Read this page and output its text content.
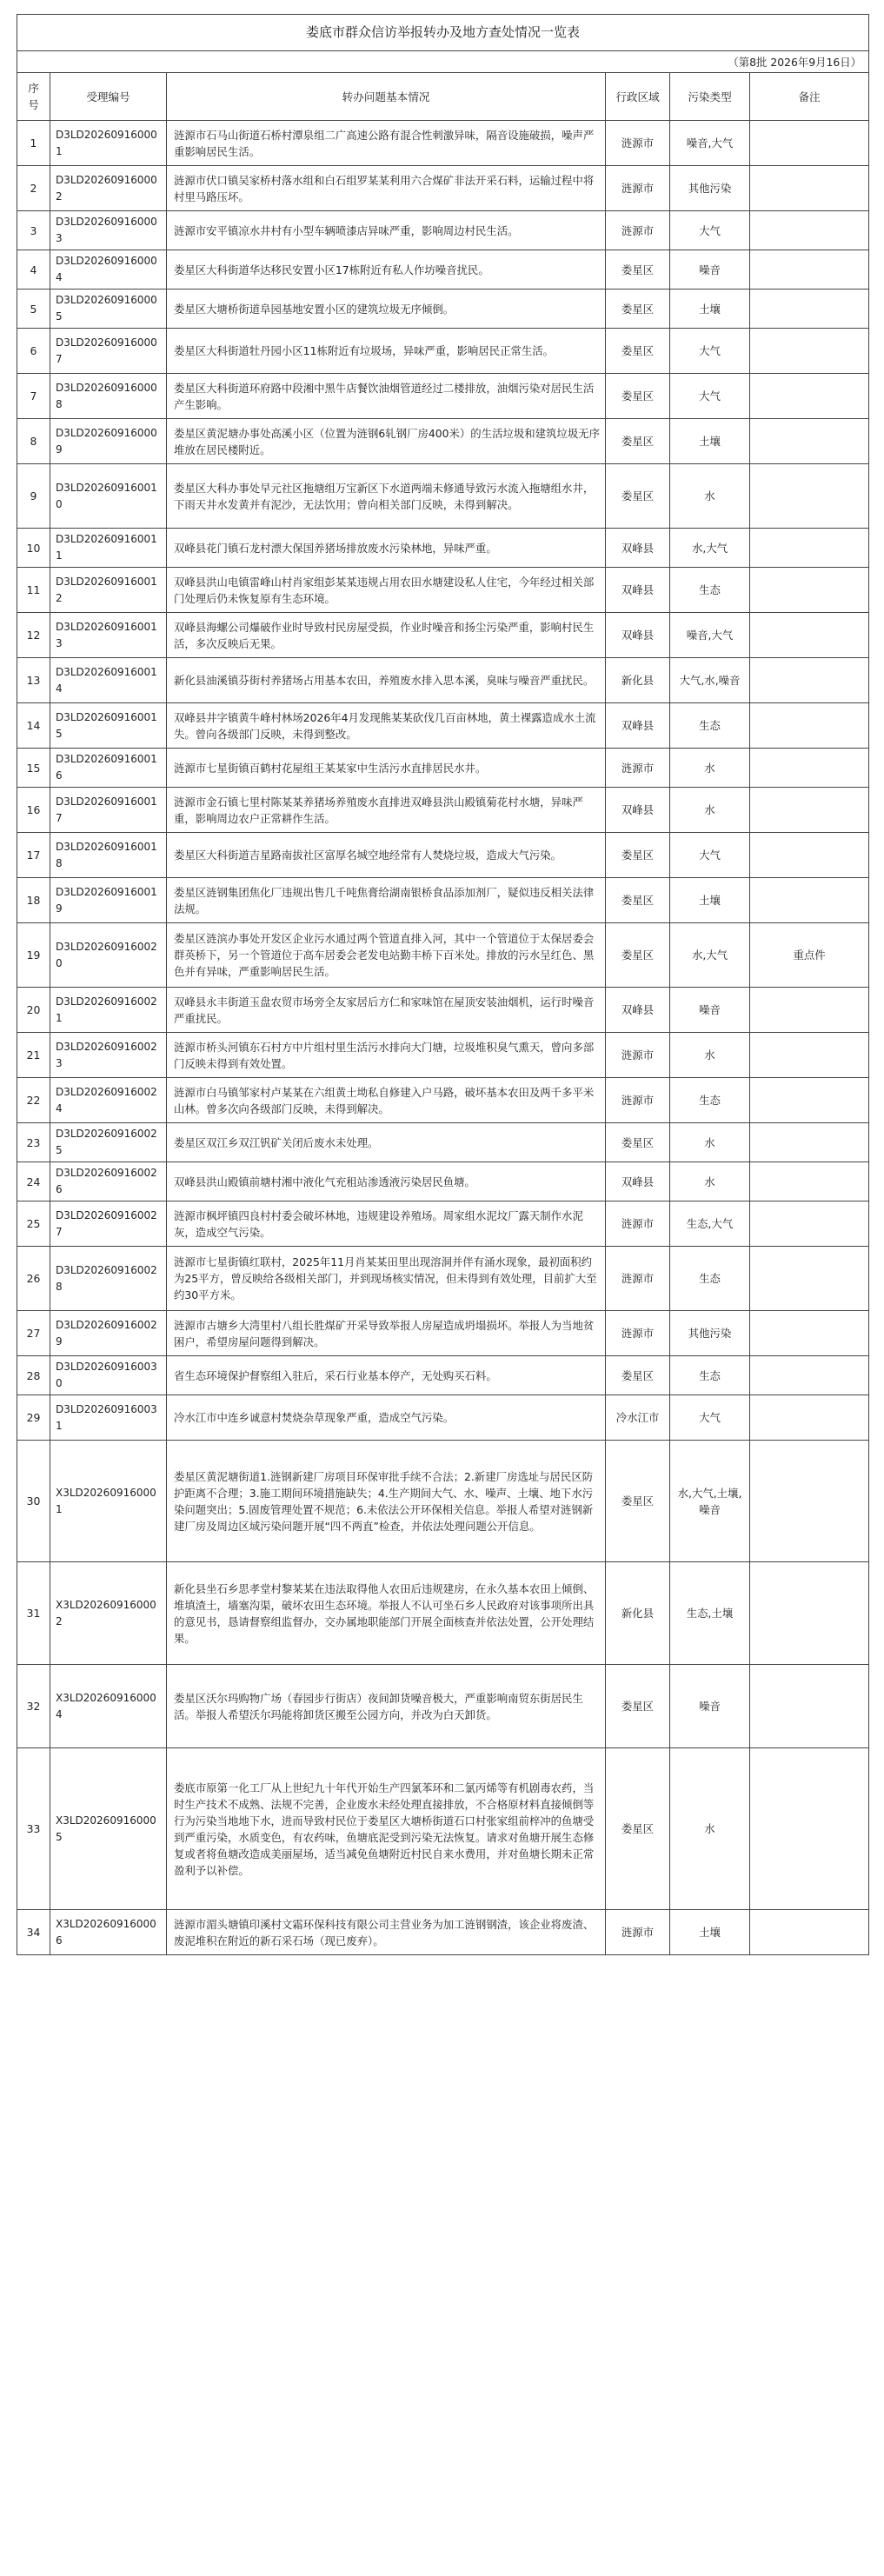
娄底市群众信访举报转办及地方查处情况一览表					
（第8批 2026年9月16日）					
序号	受理编号	转办问题基本情况	行政区域	污染类型	备注
1	D3LD202609160001	涟源市石马山街道石桥村潭泉组二广高速公路有混合性刺激异味，隔音设施破损，噪声严重影响居民生活。	涟源市	噪音,大气	
2	D3LD202609160002	涟源市伏口镇吴家桥村落水组和白石组罗某某利用六合煤矿非法开采石料，运输过程中将村里马路压坏。	涟源市	其他污染	
3	D3LD202609160003	涟源市安平镇凉水井村有小型车辆喷漆店异味严重，影响周边村民生活。	涟源市	大气	
4	D3LD202609160004	娄星区大科街道华达移民安置小区17栋附近有私人作坊噪音扰民。	娄星区	噪音	
5	D3LD202609160005	娄星区大塘桥街道阜园基地安置小区的建筑垃圾无序倾倒。	娄星区	土壤	
6	D3LD202609160007	娄星区大科街道牡丹园小区11栋附近有垃圾场，异味严重，影响居民正常生活。	娄星区	大气	
7	D3LD202609160008	娄星区大科街道环府路中段湘中黑牛店餐饮油烟管道经过二楼排放，油烟污染对居民生活产生影响。	娄星区	大气	
8	D3LD202609160009	娄星区黄泥塘办事处高溪小区（位置为涟钢6轧钢厂房400米）的生活垃圾和建筑垃圾无序堆放在居民楼附近。	娄星区	土壤	
9	D3LD202609160010	娄星区大科办事处早元社区拖塘组万宝新区下水道两端未修通导致污水流入拖塘组水井，下雨天井水发黄并有泥沙，无法饮用；曾向相关部门反映，未得到解决。	娄星区	水	
10	D3LD202609160011	双峰县花门镇石龙村漂大保国养猪场排放废水污染林地，异味严重。	双峰县	水,大气	
11	D3LD202609160012	双峰县洪山电镇雷峰山村肖家组彭某某违规占用农田水塘建设私人住宅，今年经过相关部门处理后仍未恢复原有生态环境。	双峰县	生态	
12	D3LD202609160013	双峰县海螺公司爆破作业时导致村民房屋受损，作业时噪音和扬尘污染严重，影响村民生活，多次反映后无果。	双峰县	噪音,大气	
13	D3LD202609160014	新化县油溪镇芬街村养猪场占用基本农田，养殖废水排入思本溪，臭味与噪音严重扰民。	新化县	大气,水,噪音	
14	D3LD202609160015	双峰县井字镇黄牛峰村林场2026年4月发现熊某某砍伐几百亩林地，黄土裸露造成水土流失。曾向各级部门反映，未得到整改。	双峰县	生态	
15	D3LD202609160016	涟源市七星街镇百鹤村花屋组王某某家中生活污水直排居民水井。	涟源市	水	
16	D3LD202609160017	涟源市金石镇七里村陈某某养猪场养殖废水直排进双峰县洪山殿镇菊花村水塘，异味严重，影响周边农户正常耕作生活。	双峰县	水	
17	D3LD202609160018	娄星区大科街道吉星路南拔社区富厚名城空地经常有人焚烧垃圾，造成大气污染。	娄星区	大气	
18	D3LD202609160019	娄星区涟钢集团焦化厂违规出售几千吨焦膏给湖南银桥食品添加剂厂，疑似违反相关法律法规。	娄星区	土壤	
19	D3LD202609160020	娄星区涟滨办事处开发区企业污水通过两个管道直排入河，其中一个管道位于太保居委会群英桥下，另一个管道位于高车居委会老发电站勤丰桥下百米处。排放的污水呈红色、黑色并有异味，严重影响居民生活。	娄星区	水,大气	重点件
20	D3LD202609160021	双峰县永丰街道玉盘农贸市场旁全友家居后方仁和家味馆在屋顶安装油烟机，运行时噪音严重扰民。	双峰县	噪音	
21	D3LD202609160023	涟源市桥头河镇东石村方中片组村里生活污水排向大门塘，垃圾堆积臭气熏天，曾向多部门反映未得到有效处置。	涟源市	水	
22	D3LD202609160024	涟源市白马镇邹家村卢某某在六组黄土坳私自修建入户马路，破坏基本农田及两千多平米山林。曾多次向各级部门反映，未得到解决。	涟源市	生态	
23	D3LD202609160025	娄星区双江乡双江钒矿关闭后废水未处理。	娄星区	水	
24	D3LD202609160026	双峰县洪山殿镇前塘村湘中液化气充租站渗透液污染居民鱼塘。	双峰县	水	
25	D3LD202609160027	涟源市枫坪镇四良村村委会破坏林地，违规建设养殖场。周家组水泥坟厂露天制作水泥灰，造成空气污染。	涟源市	生态,大气	
26	D3LD202609160028	涟源市七星街镇红联村，2025年11月肖某某田里出现溶洞并伴有涌水现象，最初面积约为25平方，曾反映给各级相关部门，并到现场核实情况，但未得到有效处理，目前扩大至约30平方米。	涟源市	生态	
27	D3LD202609160029	涟源市古塘乡大湾里村八组长胜煤矿开采导致举报人房屋造成坍塌损坏。举报人为当地贫困户，希望房屋问题得到解决。	涟源市	其他污染	
28	D3LD202609160030	省生态环境保护督察组入驻后，采石行业基本停产，无处购买石料。	娄星区	生态	
29	D3LD202609160031	冷水江市中连乡诚意村焚烧杂草现象严重，造成空气污染。	冷水江市	大气	
30	X3LD202609160001	娄星区黄泥塘街道1.涟钢新建厂房项目环保审批手续不合法；2.新建厂房选址与居民区防护距离不合理；3.施工期间环境措施缺失；4.生产期间大气、水、噪声、土壤、地下水污染问题突出；5.固废管理处置不规范；6.未依法公开环保相关信息。举报人希望对涟钢新建厂房及周边区域污染问题开展“四不两直”检查，并依法处理问题公开信息。	娄星区	水,大气,土壤,噪音	
31	X3LD202609160002	新化县坐石乡思孝堂村黎某某在违法取得他人农田后违规建房，在永久基本农田上倾倒、堆填渣土，墙塞沟渠，破坏农田生态环境。举报人不认可坐石乡人民政府对该事项所出具的意见书，恳请督察组监督办，交办属地职能部门开展全面核查并依法处置，公开处理结果。	新化县	生态,土壤	
32	X3LD202609160004	娄星区沃尔玛购物广场（春园步行街店）夜间卸货噪音极大，严重影响南贸东街居民生活。举报人希望沃尔玛能将卸货区搬至公园方向，并改为白天卸货。	娄星区	噪音	
33	X3LD202609160005	娄底市原第一化工厂从上世纪九十年代开始生产四氯苯环和二氯丙烯等有机剧毒农药，当时生产技术不成熟、法规不完善，企业废水未经处理直接排放，不合格原材料直接倾倒等行为污染当地地下水，进而导致村民位于娄星区大塘桥街道石口村张家组前梓冲的鱼塘受到严重污染，水质变色，有农药味，鱼塘底泥受到污染无法恢复。请求对鱼塘开展生态修复或者将鱼塘改造成美丽屋场，适当减免鱼塘附近村民自来水费用，并对鱼塘长期未正常盈利予以补偿。	娄星区	水	
34	X3LD202609160006	涟源市湄头塘镇印溪村文霜环保科技有限公司主营业务为加工涟钢钢渣，该企业将废渣、废泥堆积在附近的新石采石场（现已废弃）。	涟源市	土壤	
